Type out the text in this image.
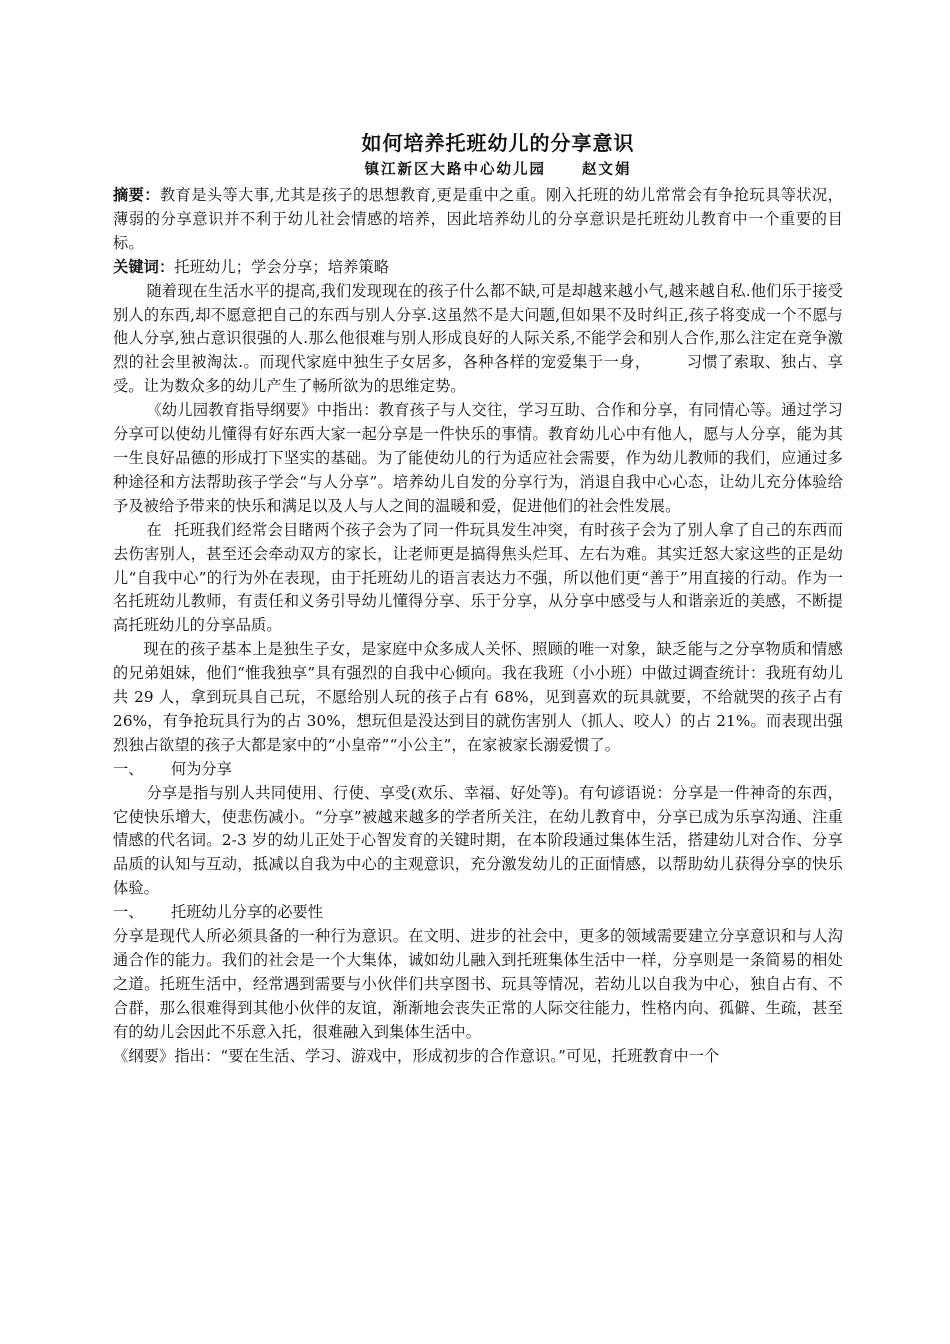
如何培养托班幼儿的分享意识
镇江新区大路中心幼儿园 赵文娟

摘要：教育是头等大事,尤其是孩子的思想教育,更是重中之重。刚入托班的幼儿常常会有争抢玩具等状况，薄弱的分享意识并不利于幼儿社会情感的培养，因此培养幼儿的分享意识是托班幼儿教育中一个重要的目标。

关键词：托班幼儿；学会分享；培养策略

随着现在生活水平的提高,我们发现现在的孩子什么都不缺,可是却越来越小气,越来越自私.他们乐于接受别人的东西,却不愿意把自己的东西与别人分享.这虽然不是大问题,但如果不及时纠正,孩子将变成一个不愿与他人分享,独占意识很强的人.那么他很难与别人形成良好的人际关系,不能学会和别人合作,那么注定在竞争激烈的社会里被淘汰.。而现代家庭中独生子女居多，各种各样的宠爱集于一身， 习惯了索取、独占、享受。让为数众多的幼儿产生了畅所欲为的思维定势。

《幼儿园教育指导纲要》中指出：教育孩子与人交往，学习互助、合作和分享，有同情心等。通过学习分享可以使幼儿懂得有好东西大家一起分享是一件快乐的事情。教育幼儿心中有他人，愿与人分享，能为其一生良好品德的形成打下坚实的基础。为了能使幼儿的行为适应社会需要，作为幼儿教师的我们，应通过多种途径和方法帮助孩子学会“与人分享”。培养幼儿自发的分享行为，消退自我中心心态，让幼儿充分体验给予及被给予带来的快乐和满足以及人与人之间的温暖和爱，促进他们的社会性发展。

在 托班我们经常会目睹两个孩子会为了同一件玩具发生冲突，有时孩子会为了别人拿了自己的东西而去伤害别人，甚至还会牵动双方的家长，让老师更是搞得焦头烂耳、左右为难。其实迁怒大家这些的正是幼儿“自我中心”的行为外在表现，由于托班幼儿的语言表达力不强，所以他们更“善于”用直接的行动。作为一名托班幼儿教师，有责任和义务引导幼儿懂得分享、乐于分享，从分享中感受与人和谐亲近的美感，不断提高托班幼儿的分享品质。

现在的孩子基本上是独生子女，是家庭中众多成人关怀、照顾的唯一对象，缺乏能与之分享物质和情感的兄弟姐妹，他们“惟我独享”具有强烈的自我中心倾向。我在我班（小小班）中做过调查统计：我班有幼儿共 29 人，拿到玩具自己玩，不愿给别人玩的孩子占有 68%，见到喜欢的玩具就要，不给就哭的孩子占有 26%，有争抢玩具行为的占 30%，想玩但是没达到目的就伤害别人（抓人、咬人）的占 21%。而表现出强烈独占欲望的孩子大都是家中的“小皇帝”“小公主”，在家被家长溺爱惯了。

一、 何为分享

分享是指与别人共同使用、行使、享受(欢乐、幸福、好处等)。有句谚语说：分享是一件神奇的东西，它使快乐增大，使悲伤减小。“分享”被越来越多的学者所关注，在幼儿教育中，分享已成为乐享沟通、注重情感的代名词。2-3 岁的幼儿正处于心智发育的关键时期，在本阶段通过集体生活，搭建幼儿对合作、分享品质的认知与互动，抵减以自我为中心的主观意识，充分激发幼儿的正面情感，以帮助幼儿获得分享的快乐体验。

一、 托班幼儿分享的必要性

分享是现代人所必须具备的一种行为意识。在文明、进步的社会中，更多的领域需要建立分享意识和与人沟通合作的能力。我们的社会是一个大集体，诚如幼儿融入到托班集体生活中一样，分享则是一条简易的相处之道。托班生活中，经常遇到需要与小伙伴们共享图书、玩具等情况，若幼儿以自我为中心，独自占有、不合群，那么很难得到其他小伙伴的友谊，渐渐地会丧失正常的人际交往能力，性格内向、孤僻、生疏，甚至有的幼儿会因此不乐意入托，很难融入到集体生活中。

《纲要》指出：“要在生活、学习、游戏中，形成初步的合作意识。”可见，托班教育中一个
